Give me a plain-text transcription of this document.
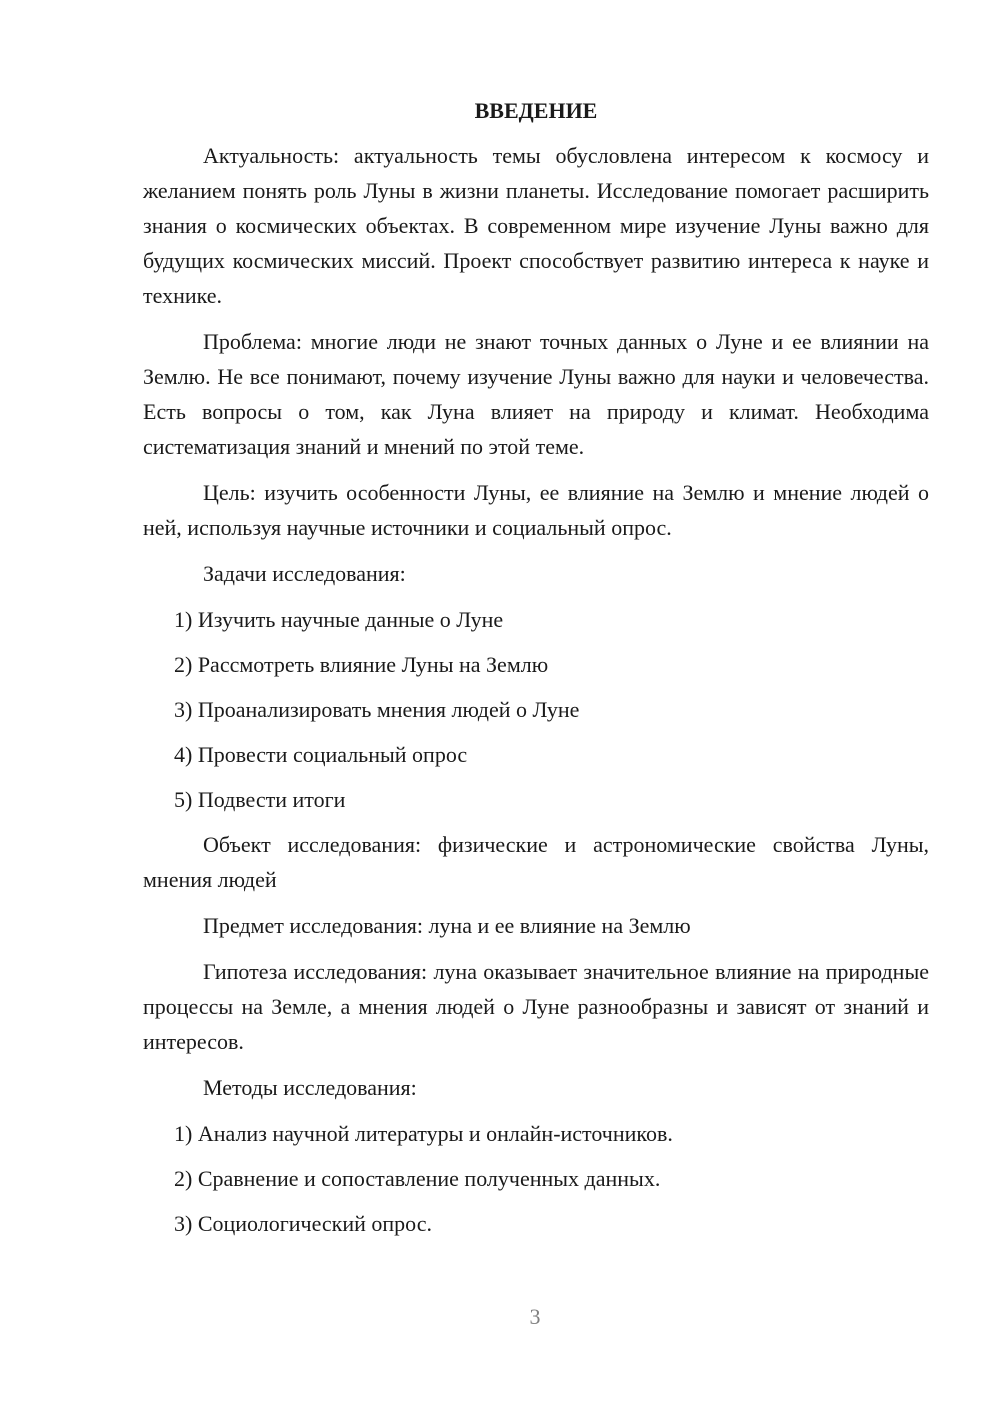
ВВЕДЕНИЕ

Актуальность: актуальность темы обусловлена интересом к космосу и желанием понять роль Луны в жизни планеты. Исследование помогает расширить знания о космических объектах. В современном мире изучение Луны важно для будущих космических миссий. Проект способствует развитию интереса к науке и технике.

Проблема: многие люди не знают точных данных о Луне и ее влиянии на Землю. Не все понимают, почему изучение Луны важно для науки и человечества. Есть вопросы о том, как Луна влияет на природу и климат. Необходима систематизация знаний и мнений по этой теме.

Цель: изучить особенности Луны, ее влияние на Землю и мнение людей о ней, используя научные источники и социальный опрос.

Задачи исследования:

1) Изучить научные данные о Луне
2) Рассмотреть влияние Луны на Землю
3) Проанализировать мнения людей о Луне
4) Провести социальный опрос
5) Подвести итоги

Объект исследования: физические и астрономические свойства Луны, мнения людей

Предмет исследования: луна и ее влияние на Землю

Гипотеза исследования: луна оказывает значительное влияние на природные процессы на Земле, а мнения людей о Луне разнообразны и зависят от знаний и интересов.

Методы исследования:

1) Анализ научной литературы и онлайн-источников.
2) Сравнение и сопоставление полученных данных.
3) Социологический опрос.
3
